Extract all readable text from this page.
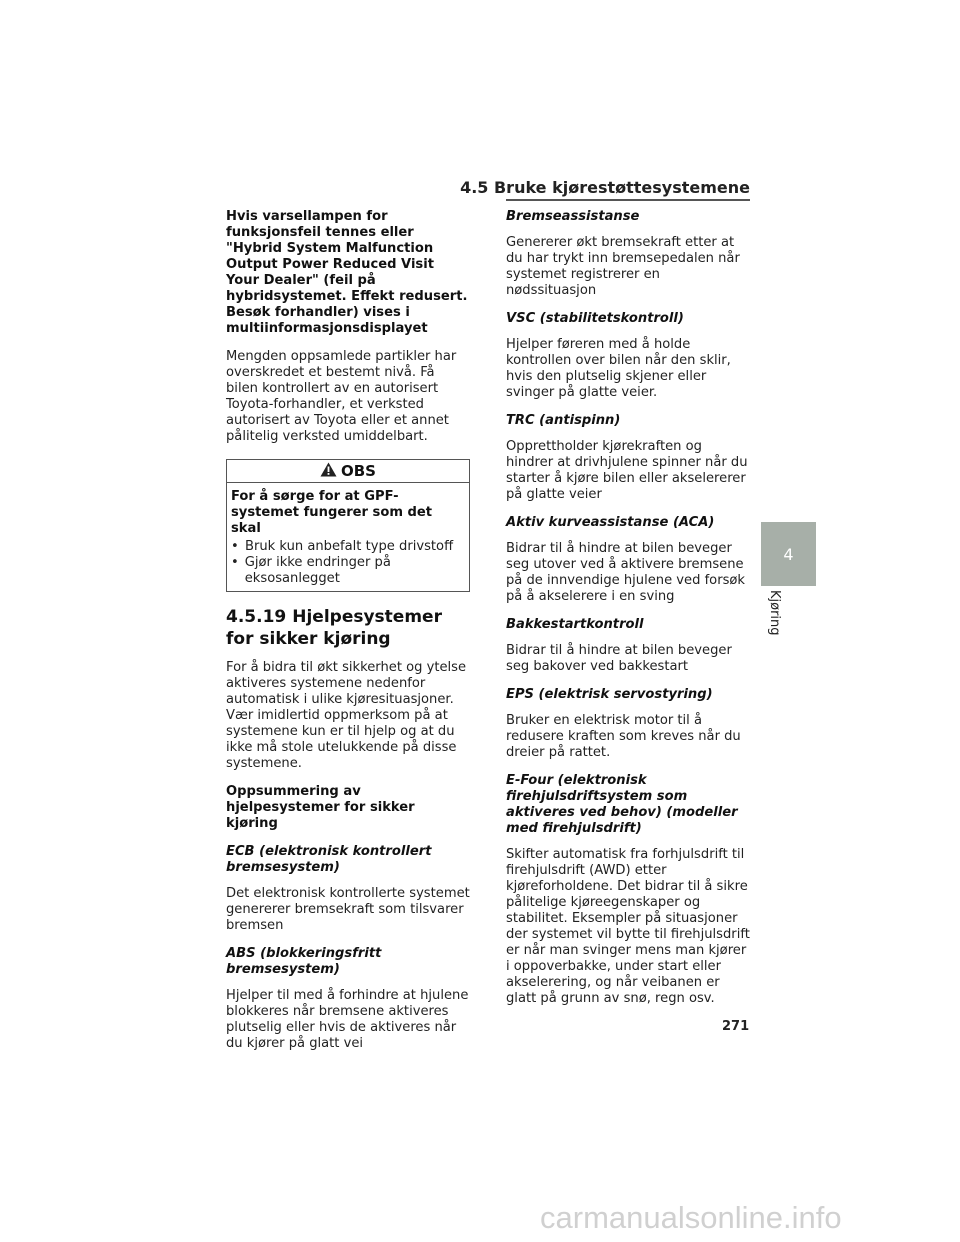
4.5 Bruke kjørestøttesystemene

Hvis varsellampen for funksjonsfeil tennes eller "Hybrid System Malfunction Output Power Reduced Visit Your Dealer" (feil på hybridsystemet. Effekt redusert. Besøk forhandler) vises i multiinformasjonsdisplayet

Mengden oppsamlede partikler har overskredet et bestemt nivå. Få bilen kontrollert av en autorisert Toyota-forhandler, et verksted autorisert av Toyota eller et annet pålitelig verksted umiddelbart.

OBS

For å sørge for at GPF-systemet fungerer som det skal

• Bruk kun anbefalt type drivstoff
• Gjør ikke endringer på eksosanlegget
4.5.19 Hjelpesystemer for sikker kjøring

For å bidra til økt sikkerhet og ytelse aktiveres systemene nedenfor automatisk i ulike kjøresituasjoner. Vær imidlertid oppmerksom på at systemene kun er til hjelp og at du ikke må stole utelukkende på disse systemene.

Oppsummering av hjelpesystemer for sikker kjøring

ECB (elektronisk kontrollert bremsesystem)

Det elektronisk kontrollerte systemet genererer bremsekraft som tilsvarer bremsen

ABS (blokkeringsfritt bremsesystem)

Hjelper til med å forhindre at hjulene blokkeres når bremsene aktiveres plutselig eller hvis de aktiveres når du kjører på glatt vei

Bremseassistanse

Genererer økt bremsekraft etter at du har trykt inn bremsepedalen når systemet registrerer en nødssituasjon

VSC (stabilitetskontroll)

Hjelper føreren med å holde kontrollen over bilen når den sklir, hvis den plutselig skjener eller svinger på glatte veier.

TRC (antispinn)

Opprettholder kjørekraften og hindrer at drivhjulene spinner når du starter å kjøre bilen eller akselererer på glatte veier

Aktiv kurveassistanse (ACA)

Bidrar til å hindre at bilen beveger seg utover ved å aktivere bremsene på de innvendige hjulene ved forsøk på å akselerere i en sving

Bakkestartkontroll

Bidrar til å hindre at bilen beveger seg bakover ved bakkestart

EPS (elektrisk servostyring)

Bruker en elektrisk motor til å redusere kraften som kreves når du dreier på rattet.

E-Four (elektronisk firehjulsdriftsystem som aktiveres ved behov) (modeller med firehjulsdrift)

Skifter automatisk fra forhjulsdrift til firehjulsdrift (AWD) etter kjøreforholdene. Det bidrar til å sikre pålitelige kjøreegenskaper og stabilitet. Eksempler på situasjoner der systemet vil bytte til firehjulsdrift er når man svinger mens man kjører i oppoverbakke, under start eller akselerering, og når veibanen er glatt på grunn av snø, regn osv.

4
Kjøring
271
carmanualsonline.info
